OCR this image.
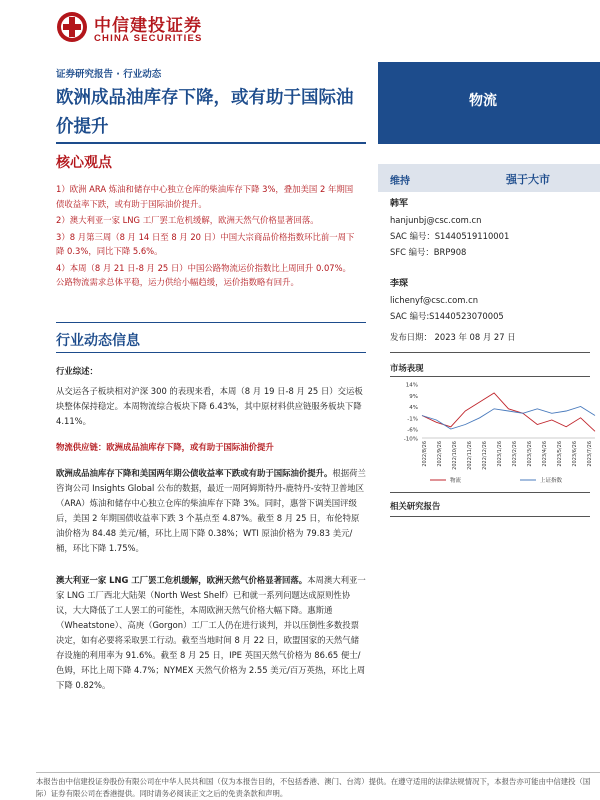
中信建投证券
CHINA SECURITIES
证券研究报告 · 行业动态
欧洲成品油库存下降，或有助于国际油价提升
物流
核心观点
1）欧洲 ARA 炼油和储存中心独立仓库的柴油库存下降 3%，叠加美国 2 年期国债收益率下跌，或有助于国际油价提升。
2）澳大利亚一家 LNG 工厂罢工危机缓解，欧洲天然气价格显著回落。
3）8 月第三周（8 月 14 日至 8 月 20 日）中国大宗商品价格指数环比前一周下降 0.3%，同比下降 5.6%。
4）本周（8 月 21 日-8 月 25 日）中国公路物流运价指数比上周回升 0.07%。公路物流需求总体平稳，运力供给小幅趋缓，运价指数略有回升。
行业动态信息
行业综述：
从交运各子板块相对沪深 300 的表现来看，本周（8 月 19 日-8 月 25 日）交运板块整体保持稳定。本周物流综合板块下降 6.43%，其中原材料供应链服务板块下降 4.11%。
物流供应链：欧洲成品油库存下降，或有助于国际油价提升
欧洲成品油库存下降和美国两年期公债收益率下跌或有助于国际油价提升。根据荷兰咨询公司 Insights Global 公布的数据，最近一周阿姆斯特丹-鹿特丹-安特卫普地区（ARA）炼油和储存中心独立仓库的柴油库存下降 3%。同时，惠誉下调美国评级后，美国 2 年期国债收益率下跌 3 个基点至 4.87%。截至 8 月 25 日，布伦特原油价格为 84.48 美元/桶，环比上周下降 0.38%；WTI 原油价格为 79.83 美元/桶，环比下降 1.75%。
澳大利亚一家 LNG 工厂罢工危机缓解，欧洲天然气价格显著回落。本周澳大利亚一家 LNG 工厂西北大陆架（North West Shelf）已和就一系列问题达成原则性协议，大大降低了工人罢工的可能性，本周欧洲天然气价格大幅下降。惠斯通（Wheatstone）、高庚（Gorgon）工厂工人仍在进行谈判，并以压倒性多数投票决定，如有必要将采取罢工行动。截至当地时间 8 月 22 日，欧盟国家的天然气储存设施的利用率为 91.6%。截至 8 月 25 日，IPE 英国天然气价格为 86.65 便士/色姆，环比上周下降 4.7%；NYMEX 天然气价格为 2.55 美元/百万英热，环比上周下降 0.82%。
维持	强于大市
韩军
hanjunbj@csc.com.cn
SAC 编号：S1440519110001
SFC 编号：BRP908
李琛
lichenyf@csc.com.cn
SAC 编号:S1440523070005
发布日期： 2023 年 08 月 27 日
市场表现
14%
9%
4%
-1%
-6%
-10%
2022/8/26 2022/9/26 2022/10/26 2022/11/26 2022/12/26 2023/1/26 2023/2/26 2023/3/26 2023/4/26 2023/5/26 2023/6/26 2023/7/26
物流	上证指数
相关研究报告
本报告由中信建投证券股份有限公司在中华人民共和国（仅为本报告目的，不包括香港、澳门、台湾）提供。在遵守适用的法律法规情况下，本报告亦可能由中信建投（国际）证券有限公司在香港提供。同时请务必阅读正文之后的免责条款和声明。
